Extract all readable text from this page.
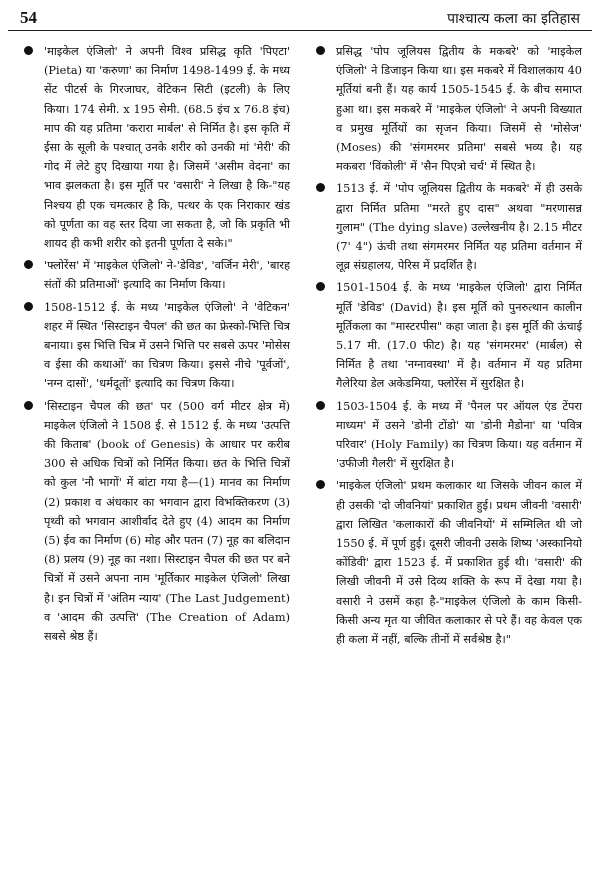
54	पाश्चात्य कला का इतिहास

'माइकेल एंजिलो' ने अपनी विश्व प्रसिद्ध कृति 'पिएटा' (Pieta) या 'करुणा' का निर्माण 1498-1499 ई. के मध्य सेंट पीटर्स के गिरजाघर, वेटिकन सिटी (इटली) के लिए किया। 174 सेमी. x 195 सेमी. (68.5 इंच x 76.8 इंच) माप की यह प्रतिमा 'करारा मार्बल' से निर्मित है। इस कृति में ईसा के सूली के पश्चात् उनके शरीर को उनकी मां 'मेरी' की गोद में लेटे हुए दिखाया गया है। जिसमें 'असीम वेदना' का भाव झलकता है। इस मूर्ति पर 'वसारी' ने लिखा है कि-"यह निश्चय ही एक चमत्कार है कि, पत्थर के एक निराकार खंड को पूर्णता का वह स्तर दिया जा सकता है, जो कि प्रकृति भी शायद ही कभी शरीर को इतनी पूर्णता दे सके।"

'फ्लोरेंस' में 'माइकेल एंजिलो' ने-'डेविड', 'वर्जिन मेरी', 'बारह संतों की प्रतिमाओं' इत्यादि का निर्माण किया।

1508-1512 ई. के मध्य 'माइकेल एंजिलो' ने 'वेटिकन' शहर में स्थित 'सिस्टाइन चैपल' की छत का फ्रेस्को-भित्ति चित्र बनाया। इस भित्ति चित्र में उसने भित्ति पर सबसे ऊपर 'मोसेस व ईसा की कथाओं' का चित्रण किया। इससे नीचे 'पूर्वजों', 'नग्न दासों', 'धर्मदूतों' इत्यादि का चित्रण किया।

'सिस्टाइन चैपल की छत' पर (500 वर्ग मीटर क्षेत्र में) माइकेल एंजिलो ने 1508 ई. से 1512 ई. के मध्य 'उत्पत्ति की किताब' (book of Genesis) के आधार पर करीब 300 से अधिक चित्रों को निर्मित किया। छत के भित्ति चित्रों को कुल 'नौ भागों' में बांटा गया है—(1) मानव का निर्माण (2) प्रकाश व अंधकार का भगवान द्वारा विभक्तिकरण (3) पृथ्वी को भगवान आशीर्वाद देते हुए (4) आदम का निर्माण (5) ईव का निर्माण (6) मोह और पतन (7) नूह का बलिदान (8) प्रलय (9) नूह का नशा। सिस्टाइन चैपल की छत पर बने चित्रों में उसने अपना नाम 'मूर्तिकार माइकेल एंजिलो' लिखा है। इन चित्रों में 'अंतिम न्याय' (The Last Judgement) व 'आदम की उत्पत्ति' (The Creation of Adam) सबसे श्रेष्ठ हैं।

प्रसिद्ध 'पोप जूलियस द्वितीय के मकबरे' को 'माइकेल एंजिलो' ने डिजाइन किया था। इस मकबरे में विशालकाय 40 मूर्तियां बनी हैं। यह कार्य 1505-1545 ई. के बीच समाप्त हुआ था। इस मकबरे में 'माइकेल एंजिलो' ने अपनी विख्यात व प्रमुख मूर्तियों का सृजन किया। जिसमें से 'मोसेज' (Moses) की 'संगमरमर प्रतिमा' सबसे भव्य है। यह मकबरा 'विंकोली' में 'सैन पिएत्रो चर्च' में स्थित है।

1513 ई. में 'पोप जूलियस द्वितीय के मकबरे' में ही उसके द्वारा निर्मित प्रतिमा "मरते हुए दास" अथवा "मरणासन्न गुलाम" (The dying slave) उल्लेखनीय है। 2.15 मीटर (7' 4") ऊंची तथा संगमरमर निर्मित यह प्रतिमा वर्तमान में लूव्र संग्रहालय, पेरिस में प्रदर्शित है।

1501-1504 ई. के मध्य 'माइकेल एंजिलो' द्वारा निर्मित मूर्ति 'डेविड' (David) है। इस मूर्ति को पुनरुत्थान कालीन मूर्तिकला का "मास्टरपीस" कहा जाता है। इस मूर्ति की ऊंचाई 5.17 मी. (17.0 फीट) है। यह 'संगमरमर' (मार्बल) से निर्मित है तथा 'नग्नावस्था' में है। वर्तमान में यह प्रतिमा गैलेरिया डेल अकेडमिया, फ्लोरेंस में सुरक्षित है।

1503-1504 ई. के मध्य में 'पैनल पर ऑयल एंड टेंपरा माध्यम' में उसने 'डोनी टोंडो' या 'डोनी मैडोना' या 'पवित्र परिवार' (Holy Family) का चित्रण किया। यह वर्तमान में 'उफीजी गैलरी' में सुरक्षित है।

'माइकेल एंजिलो' प्रथम कलाकार था जिसके जीवन काल में ही उसकी 'दो जीवनियां' प्रकाशित हुई। प्रथम जीवनी 'वसारी' द्वारा लिखित 'कलाकारों की जीवनियों' में सम्मिलित थी जो 1550 ई. में पूर्ण हुई। दूसरी जीवनी उसके शिष्य 'अस्कानियो कोंडिवी' द्वारा 1523 ई. में प्रकाशित हुई थी। 'वसारी' की लिखी जीवनी में उसे दिव्य शक्ति के रूप में देखा गया है। वसारी ने उसमें कहा है-"माइकेल एंजिलो के काम किसी-किसी अन्य मृत या जीवित कलाकार से परे हैं। वह केवल एक ही कला में नहीं, बल्कि तीनों में सर्वश्रेष्ठ है।"
